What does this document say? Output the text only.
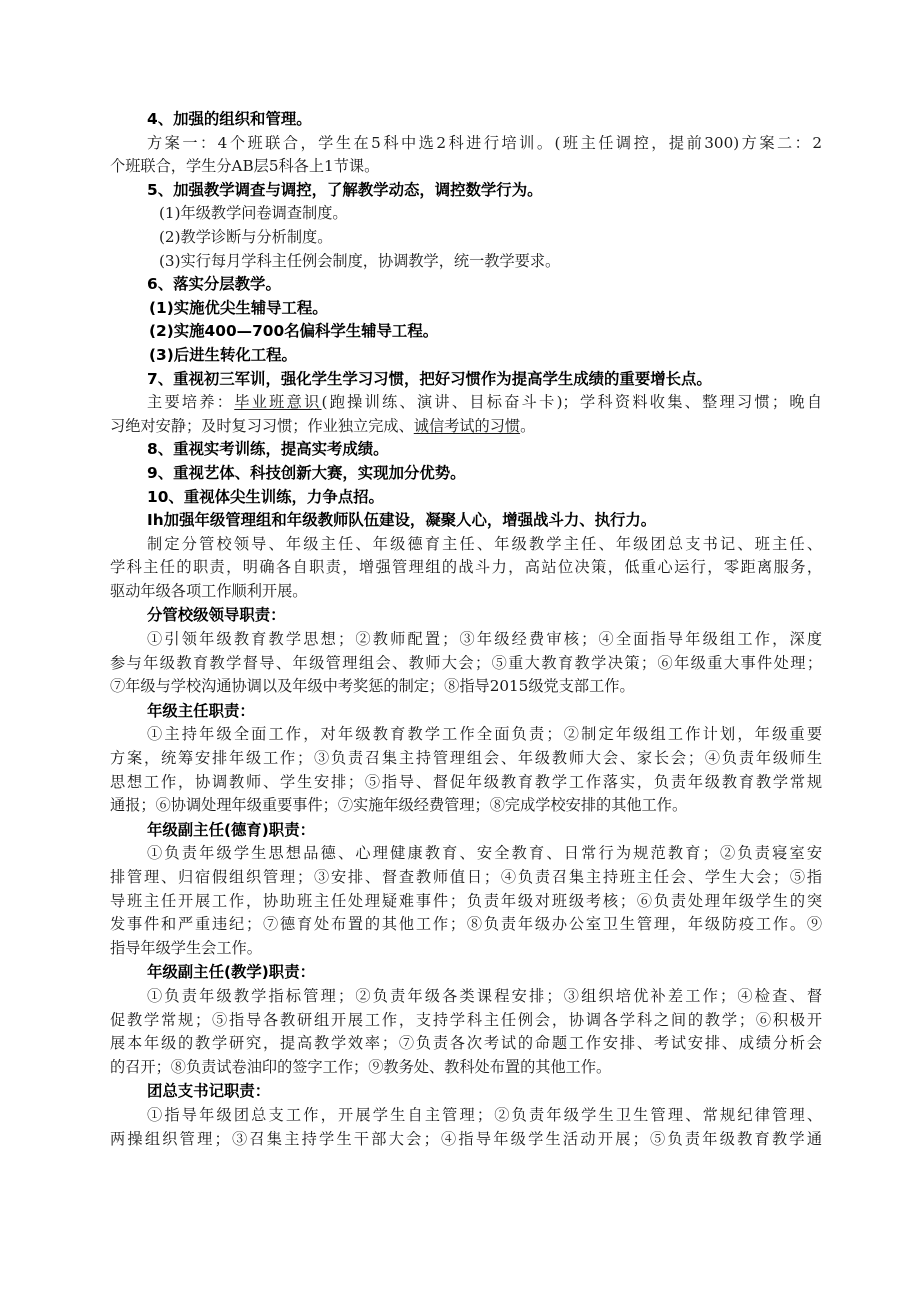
4、加强的组织和管理。
方案一：4个班联合，学生在5科中选2科进行培训。(班主任调控，提前300)方案二：2
个班联合，学生分AB层5科各上1节课。
5、加强教学调查与调控，了解教学动态，调控数学行为。
(1)年级教学问卷调查制度。
(2)教学诊断与分析制度。
(3)实行每月学科主任例会制度，协调教学，统一教学要求。
6、落实分层教学。
(1)实施优尖生辅导工程。
(2)实施400—700名偏科学生辅导工程。
(3)后进生转化工程。
7、重视初三军训，强化学生学习习惯，把好习惯作为提高学生成绩的重要增长点。
主要培养：毕业班意识(跑操训练、演讲、目标奋斗卡)；学科资料收集、整理习惯；晚自
习绝对安静；及时复习习惯；作业独立完成、诚信考试的习惯。
8、重视实考训练，提高实考成绩。
9、重视艺体、科技创新大赛，实现加分优势。
10、重视体尖生训练，力争点招。
Ih加强年级管理组和年级教师队伍建设，凝聚人心，增强战斗力、执行力。
制定分管校领导、年级主任、年级德育主任、年级教学主任、年级团总支书记、班主任、
学科主任的职责，明确各自职责，增强管理组的战斗力，高站位决策，低重心运行，零距离服务，
驱动年级各项工作顺利开展。
分管校级领导职责：
①引领年级教育教学思想；②教师配置；③年级经费审核；④全面指导年级组工作，深度
参与年级教育教学督导、年级管理组会、教师大会；⑤重大教育教学决策；⑥年级重大事件处理；
⑦年级与学校沟通协调以及年级中考奖惩的制定；⑧指导2015级党支部工作。
年级主任职责：
①主持年级全面工作，对年级教育教学工作全面负责；②制定年级组工作计划，年级重要
方案，统筹安排年级工作；③负责召集主持管理组会、年级教师大会、家长会；④负责年级师生
思想工作，协调教师、学生安排；⑤指导、督促年级教育教学工作落实，负责年级教育教学常规
通报；⑥协调处理年级重要事件；⑦实施年级经费管理；⑧完成学校安排的其他工作。
年级副主任(德育)职责：
①负责年级学生思想品德、心理健康教育、安全教育、日常行为规范教育；②负责寝室安
排管理、归宿假组织管理；③安排、督查教师值日；④负责召集主持班主任会、学生大会；⑤指
导班主任开展工作，协助班主任处理疑难事件；负责年级对班级考核；⑥负责处理年级学生的突
发事件和严重违纪；⑦德育处布置的其他工作；⑧负责年级办公室卫生管理，年级防疫工作。⑨
指导年级学生会工作。
年级副主任(教学)职责：
①负责年级教学指标管理；②负责年级各类课程安排；③组织培优补差工作；④检查、督
促教学常规；⑤指导各教研组开展工作，支持学科主任例会，协调各学科之间的教学；⑥积极开
展本年级的教学研究，提高教学效率；⑦负责各次考试的命题工作安排、考试安排、成绩分析会
的召开；⑧负责试卷油印的签字工作；⑨教务处、教科处布置的其他工作。
团总支书记职责：
①指导年级团总支工作，开展学生自主管理；②负责年级学生卫生管理、常规纪律管理、
两操组织管理；③召集主持学生干部大会；④指导年级学生活动开展；⑤负责年级教育教学通
